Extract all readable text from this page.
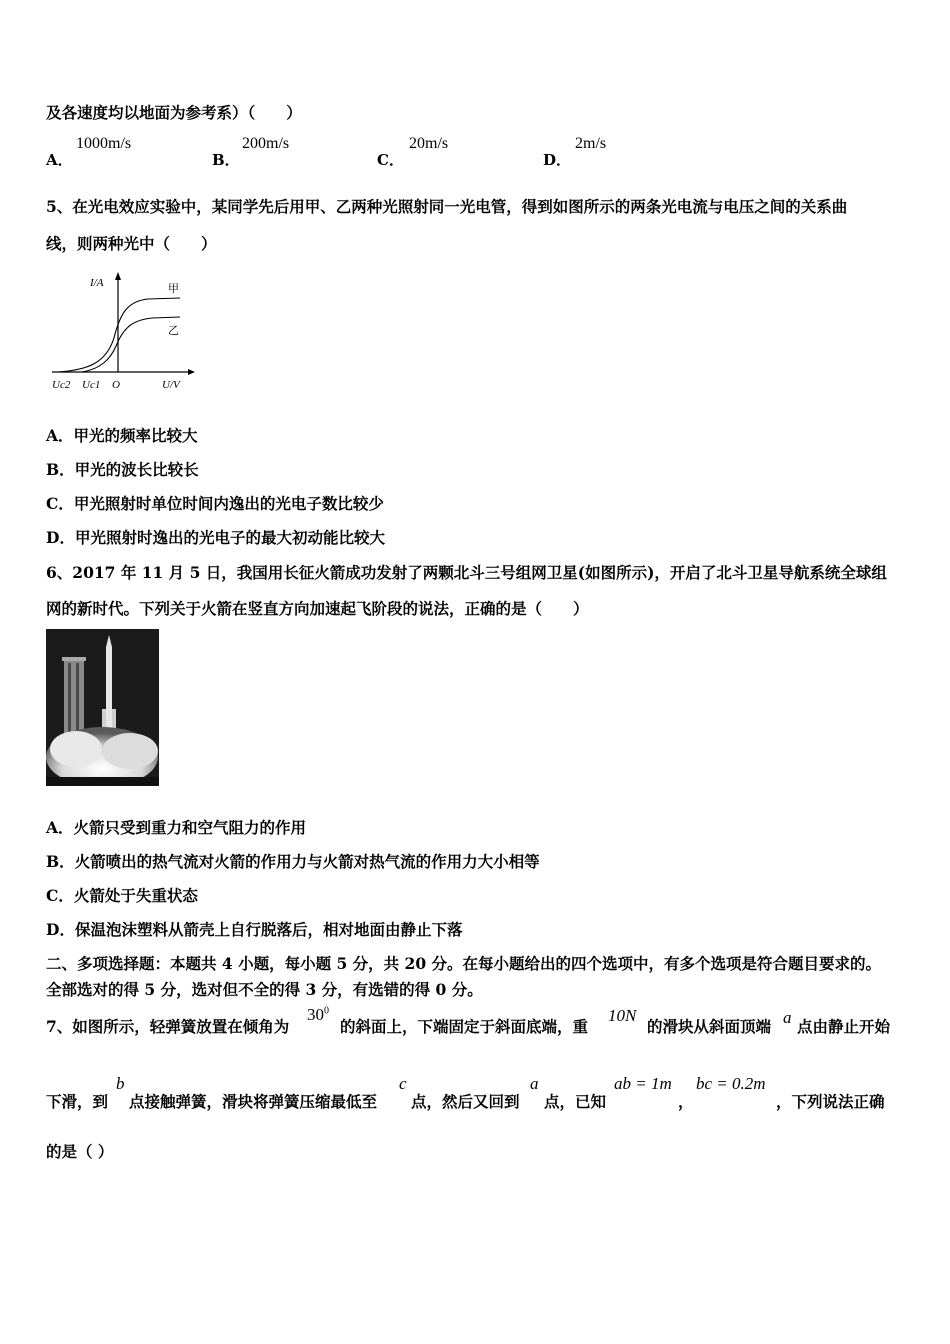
及各速度均以地面为参考系）（　　）
A．
1000m/s
B．
200m/s
C．
20m/s
D．
2m/s
5、在光电效应实验中，某同学先后用甲、乙两种光照射同一光电管，得到如图所示的两条光电流与电压之间的关系曲
线，则两种光中（　　）
I/A	甲
乙
Uc2 Uc1 O	U/V
A．甲光的频率比较大
B．甲光的波长比较长
C．甲光照射时单位时间内逸出的光电子数比较少
D．甲光照射时逸出的光电子的最大初动能比较大
6、2017 年 11 月 5 日，我国用长征火箭成功发射了两颗北斗三号组网卫星(如图所示)，开启了北斗卫星导航系统全球组
网的新时代。下列关于火箭在竖直方向加速起飞阶段的说法，正确的是（　　）
A．火箭只受到重力和空气阻力的作用
B．火箭喷出的热气流对火箭的作用力与火箭对热气流的作用力大小相等
C．火箭处于失重状态
D．保温泡沫塑料从箭壳上自行脱落后，相对地面由静止下落
二、多项选择题：本题共 4 小题，每小题 5 分，共 20 分。在每小题给出的四个选项中，有多个选项是符合题目要求的。
全部选对的得 5 分，选对但不全的得 3 分，有选错的得 0 分。
7、如图所示，轻弹簧放置在倾角为
$30^0$
的斜面上，下端固定于斜面底端，重
10N
的滑块从斜面顶端 a 点由静止开始
下滑，到
b
点接触弹簧，滑块将弹簧压缩最低至
c
点，然后又回到
a
点，已知
ab = 1m
，
bc = 0.2m
，下列说法正确
的是（ ）
